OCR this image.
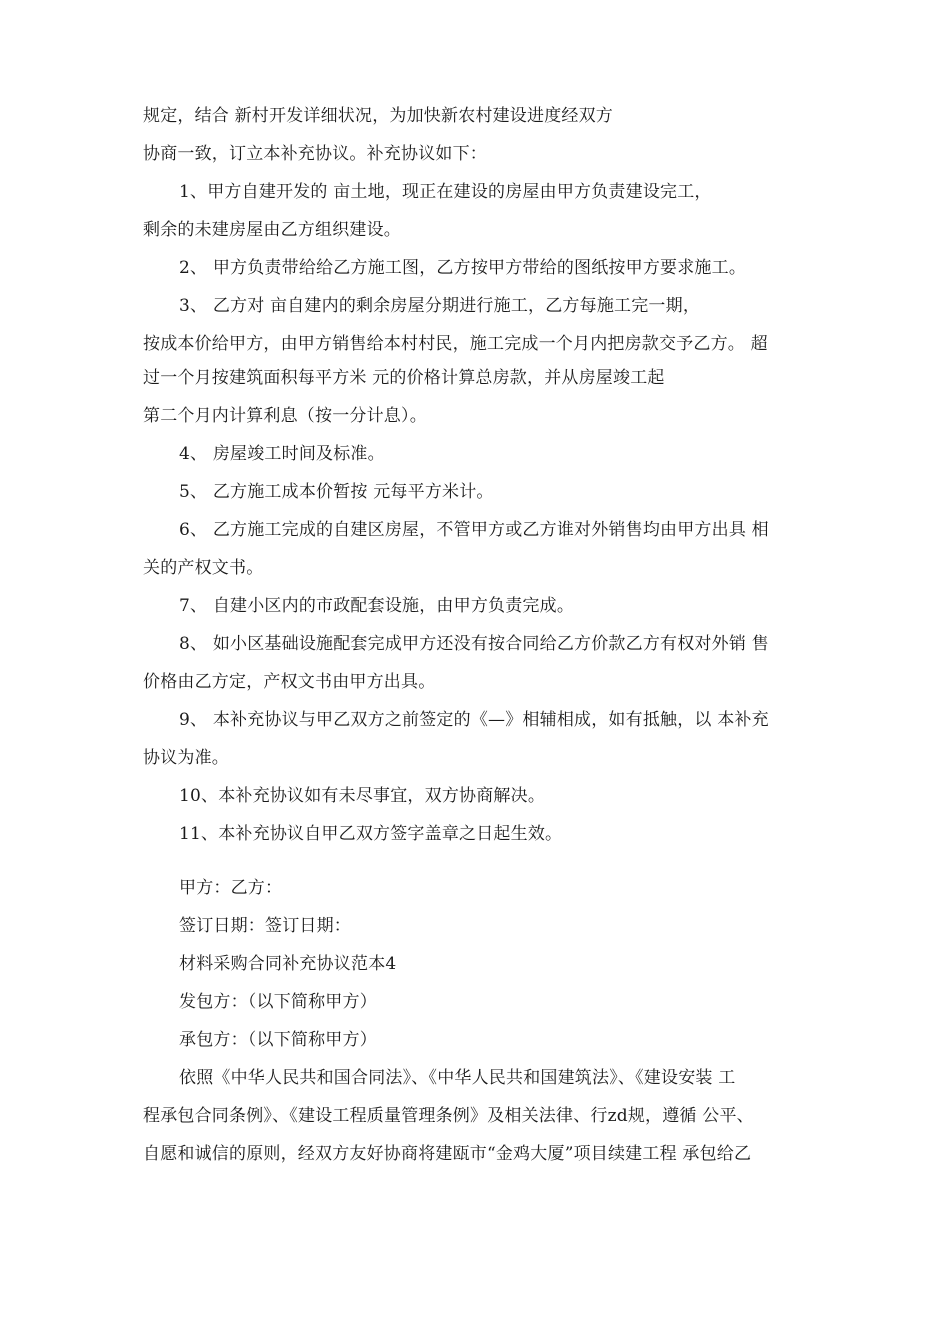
规定，结合 新村开发详细状况，为加快新农村建设进度经双方
协商一致，订立本补充协议。补充协议如下：
1、甲方自建开发的 亩土地，现正在建设的房屋由甲方负责建设完工，
剩余的未建房屋由乙方组织建设。
2、 甲方负责带给给乙方施工图，乙方按甲方带给的图纸按甲方要求施工。
3、 乙方对 亩自建内的剩余房屋分期进行施工，乙方每施工完一期，
按成本价给甲方，由甲方销售给本村村民，施工完成一个月内把房款交予乙方。 超
过一个月按建筑面积每平方米 元的价格计算总房款，并从房屋竣工起
第二个月内计算利息（按一分计息）。
4、 房屋竣工时间及标准。
5、 乙方施工成本价暂按 元每平方米计。
6、 乙方施工完成的自建区房屋，不管甲方或乙方谁对外销售均由甲方出具 相
关的产权文书。
7、 自建小区内的市政配套设施，由甲方负责完成。
8、 如小区基础设施配套完成甲方还没有按合同给乙方价款乙方有权对外销 售
价格由乙方定，产权文书由甲方出具。
9、 本补充协议与甲乙双方之前签定的《—》相辅相成，如有抵触，以 本补充
协议为准。
10、本补充协议如有未尽事宜，双方协商解决。
11、本补充协议自甲乙双方签字盖章之日起生效。
甲方：乙方：
签订日期：签订日期：
材料采购合同补充协议范本4
发包方：（以下简称甲方）
承包方：（以下简称甲方）
依照《中华人民共和国合同法》、《中华人民共和国建筑法》、《建设安装 工
程承包合同条例》、《建设工程质量管理条例》及相关法律、行zd规，遵循 公平、
自愿和诚信的原则，经双方友好协商将建瓯市“金鸡大厦”项目续建工程 承包给乙
